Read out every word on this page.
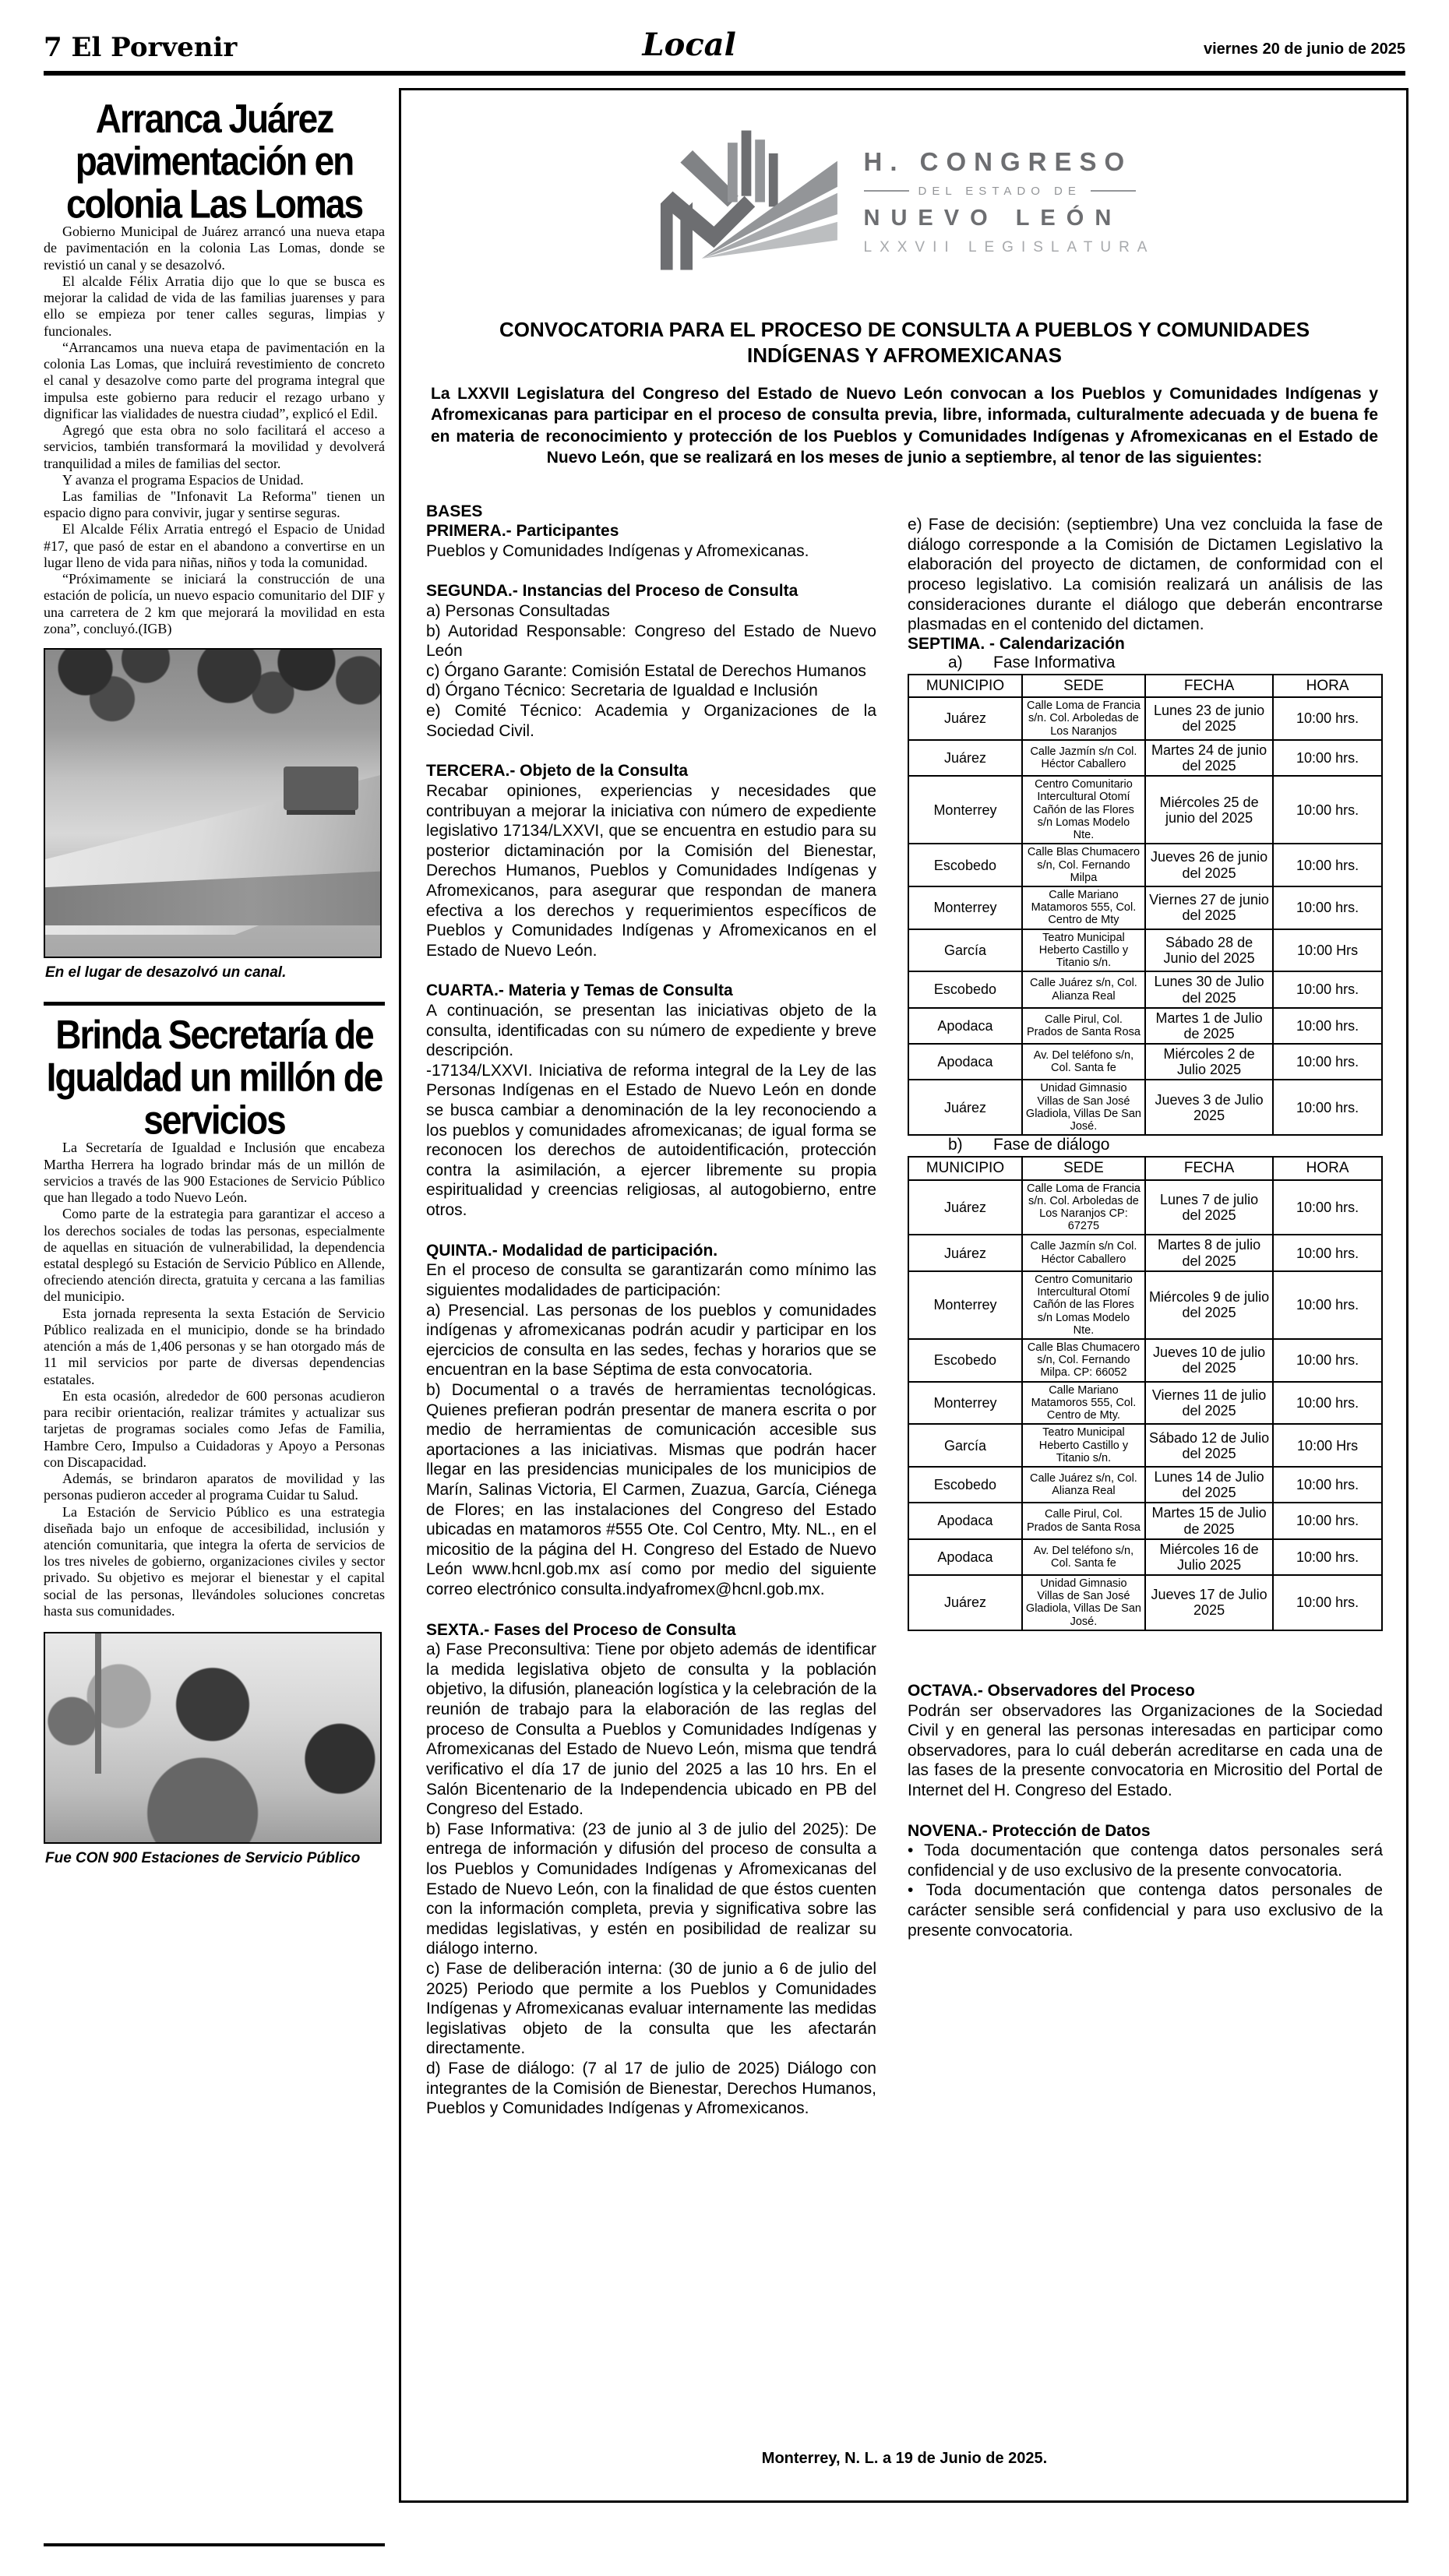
7 El Porvenir	Local	viernes 20 de junio de 2025
Arranca Juárez pavimentación en colonia Las Lomas

Gobierno Municipal de Juárez arrancó una nueva etapa de pavimentación en la colonia Las Lomas, donde se revistió un canal y se desazolvó.

El alcalde Félix Arratia dijo que lo que se busca es mejorar la calidad de vida de las familias juarenses y para ello se empieza por tener calles seguras, limpias y funcionales.

“Arrancamos una nueva etapa de pavimentación en la colonia Las Lomas, que incluirá revestimiento de concreto el canal y desazolve como parte del programa integral que impulsa este gobierno para reducir el rezago urbano y dignificar las vialidades de nuestra ciudad”, explicó el Edil.

Agregó que esta obra no solo facilitará el acceso a servicios, también transformará la movilidad y devolverá tranquilidad a miles de familias del sector.

Y avanza el programa Espacios de Unidad.

Las familias de "Infonavit La Reforma" tienen un espacio digno para convivir, jugar y sentirse seguras.

El Alcalde Félix Arratia entregó el Espacio de Unidad #17, que pasó de estar en el abandono a convertirse en un lugar lleno de vida para niñas, niños y toda la comunidad.

“Próximamente se iniciará la construcción de una estación de policía, un nuevo espacio comunitario del DIF y una carretera de 2 km que mejorará la movilidad en esta zona”, concluyó.(IGB)

En el lugar de desazolvó un canal.
Brinda Secretaría de Igualdad un millón de servicios

La Secretaría de Igualdad e Inclusión que encabeza Martha Herrera ha logrado brindar más de un millón de servicios a través de las 900 Estaciones de Servicio Público que han llegado a todo Nuevo León.

Como parte de la estrategia para garantizar el acceso a los derechos sociales de todas las personas, especialmente de aquellas en situación de vulnerabilidad, la dependencia estatal desplegó su Estación de Servicio Público en Allende, ofreciendo atención directa, gratuita y cercana a las familias del municipio.

Esta jornada representa la sexta Estación de Servicio Público realizada en el municipio, donde se ha brindado atención a más de 1,406 personas y se han otorgado más de 11 mil servicios por parte de diversas dependencias estatales.

En esta ocasión, alrededor de 600 personas acudieron para recibir orientación, realizar trámites y actualizar sus tarjetas de programas sociales como Jefas de Familia, Hambre Cero, Impulso a Cuidadoras y Apoyo a Personas con Discapacidad.

Además, se brindaron aparatos de movilidad y las personas pudieron acceder al programa Cuidar tu Salud.

La Estación de Servicio Público es una estrategia diseñada bajo un enfoque de accesibilidad, inclusión y atención comunitaria, que integra la oferta de servicios de los tres niveles de gobierno, organizaciones civiles y sector privado. Su objetivo es mejorar el bienestar y el capital social de las personas, llevándoles soluciones concretas hasta sus comunidades.

Fue CON 900 Estaciones de Servicio Público
H. CONGRESO
DEL ESTADO DE
NUEVO LEÓN
LXXVII LEGISLATURA
CONVOCATORIA PARA EL PROCESO DE CONSULTA A PUEBLOS Y COMUNIDADES INDÍGENAS Y AFROMEXICANAS

La LXXVII Legislatura del Congreso del Estado de Nuevo León convocan a los Pueblos y Comunidades Indígenas y Afromexicanas para participar en el proceso de consulta previa, libre, informada, culturalmente adecuada y de buena fe en materia de reconocimiento y protección de los Pueblos y Comunidades Indígenas y Afromexicanas en el Estado de Nuevo León, que se realizará en los meses de junio a septiembre, al tenor de las siguientes:

BASES

PRIMERA.- Participantes

Pueblos y Comunidades Indígenas y Afromexicanas.

SEGUNDA.- Instancias del Proceso de Consulta

a) Personas Consultadas

b) Autoridad Responsable: Congreso del Estado de Nuevo León

c) Órgano Garante: Comisión Estatal de Derechos Humanos

d) Órgano Técnico: Secretaria de Igualdad e Inclusión

e) Comité Técnico: Academia y Organizaciones de la Sociedad Civil.

TERCERA.- Objeto de la Consulta

Recabar opiniones, experiencias y necesidades que contribuyan a mejorar la iniciativa con número de expediente legislativo 17134/LXXVI, que se encuentra en estudio para su posterior dictaminación por la Comisión del Bienestar, Derechos Humanos, Pueblos y Comunidades Indígenas y Afromexicanos, para asegurar que respondan de manera efectiva a los derechos y requerimientos específicos de Pueblos y Comunidades Indígenas y Afromexicanos en el Estado de Nuevo León.

CUARTA.- Materia y Temas de Consulta

A continuación, se presentan las iniciativas objeto de la consulta, identificadas con su número de expediente y breve descripción.

-17134/LXXVI. Iniciativa de reforma integral de la Ley de las Personas Indígenas en el Estado de Nuevo León en donde se busca cambiar a denominación de la ley reconociendo a los pueblos y comunidades afromexicanas; de igual forma se reconocen los derechos de autoidentificación, protección contra la asimilación, a ejercer libremente su propia espiritualidad y creencias religiosas, al autogobierno, entre otros.

QUINTA.- Modalidad de participación.

En el proceso de consulta se garantizarán como mínimo las siguientes modalidades de participación:

a) Presencial. Las personas de los pueblos y comunidades indígenas y afromexicanas podrán acudir y participar en los ejercicios de consulta en las sedes, fechas y horarios que se encuentran en la base Séptima de esta convocatoria.

b) Documental o a través de herramientas tecnológicas. Quienes prefieran podrán presentar de manera escrita o por medio de herramientas de comunicación accesible sus aportaciones a las iniciativas. Mismas que podrán hacer llegar en las presidencias municipales de los municipios de Marín, Salinas Victoria, El Carmen, Zuazua, García, Ciénega de Flores; en las instalaciones del Congreso del Estado ubicadas en matamoros #555 Ote. Col Centro, Mty. NL., en el micositio de la página del H. Congreso del Estado de Nuevo León www.hcnl.gob.mx así como por medio del siguiente correo electrónico consulta.indyafromex@hcnl.gob.mx.

SEXTA.- Fases del Proceso de Consulta

a) Fase Preconsultiva: Tiene por objeto además de identificar la medida legislativa objeto de consulta y la población objetivo, la difusión, planeación logística y la celebración de la reunión de trabajo para la elaboración de las reglas del proceso de Consulta a Pueblos y Comunidades Indígenas y Afromexicanas del Estado de Nuevo León, misma que tendrá verificativo el día 17 de junio del 2025 a las 10 hrs. En el Salón Bicentenario de la Independencia ubicado en PB del Congreso del Estado.

b) Fase Informativa: (23 de junio al 3 de julio del 2025): De entrega de información y difusión del proceso de consulta a los Pueblos y Comunidades Indígenas y Afromexicanas del Estado de Nuevo León, con la finalidad de que éstos cuenten con la información completa, previa y significativa sobre las medidas legislativas, y estén en posibilidad de realizar su diálogo interno.

c) Fase de deliberación interna: (30 de junio a 6 de julio del 2025) Periodo que permite a los Pueblos y Comunidades Indígenas y Afromexicanas evaluar internamente las medidas legislativas objeto de la consulta que les afectarán directamente.

d) Fase de diálogo: (7 al 17 de julio de 2025) Diálogo con integrantes de la Comisión de Bienestar, Derechos Humanos, Pueblos y Comunidades Indígenas y Afromexicanos.

e) Fase de decisión: (septiembre) Una vez concluida la fase de diálogo corresponde a la Comisión de Dictamen Legislativo la elaboración del proyecto de dictamen, de conformidad con el proceso legislativo. La comisión realizará un análisis de las consideraciones durante el diálogo que deberán encontrarse plasmadas en el contenido del dictamen.

SEPTIMA. - Calendarización

a) Fase Informativa

MUNICIPIO	SEDE	FECHA	HORA
Juárez	Calle Loma de Francia s/n. Col. Arboledas de Los Naranjos	Lunes 23 de junio del 2025	10:00 hrs.
Juárez	Calle Jazmín s/n Col. Héctor Caballero	Martes 24 de junio del 2025	10:00 hrs.
Monterrey	Centro Comunitario Intercultural Otomí Cañón de las Flores s/n Lomas Modelo Nte.	Miércoles 25 de junio del 2025	10:00 hrs.
Escobedo	Calle Blas Chumacero s/n, Col. Fernando Milpa	Jueves 26 de junio del 2025	10:00 hrs.
Monterrey	Calle Mariano Matamoros 555, Col. Centro de Mty	Viernes 27 de junio del 2025	10:00 hrs.
García	Teatro Municipal Heberto Castillo y Titanio s/n.	Sábado 28 de Junio del 2025	10:00 Hrs
Escobedo	Calle Juárez s/n, Col. Alianza Real	Lunes 30 de Julio del 2025	10:00 hrs.
Apodaca	Calle Pirul, Col. Prados de Santa Rosa	Martes 1 de Julio de 2025	10:00 hrs.
Apodaca	Av. Del teléfono s/n, Col. Santa fe	Miércoles 2 de Julio 2025	10:00 hrs.
Juárez	Unidad Gimnasio Villas de San José Gladiola, Villas De San José.	Jueves 3 de Julio 2025	10:00 hrs.

b) Fase de diálogo

MUNICIPIO	SEDE	FECHA	HORA
Juárez	Calle Loma de Francia s/n. Col. Arboledas de Los Naranjos CP: 67275	Lunes 7 de julio del 2025	10:00 hrs.
Juárez	Calle Jazmín s/n Col. Héctor Caballero	Martes 8 de julio del 2025	10:00 hrs.
Monterrey	Centro Comunitario Intercultural Otomí Cañón de las Flores s/n Lomas Modelo Nte.	Miércoles 9 de julio del 2025	10:00 hrs.
Escobedo	Calle Blas Chumacero s/n, Col. Fernando Milpa. CP: 66052	Jueves 10 de julio del 2025	10:00 hrs.
Monterrey	Calle Mariano Matamoros 555, Col. Centro de Mty.	Viernes 11 de julio del 2025	10:00 hrs.
García	Teatro Municipal Heberto Castillo y Titanio s/n.	Sábado 12 de Julio del 2025	10:00 Hrs
Escobedo	Calle Juárez s/n, Col. Alianza Real	Lunes 14 de Julio del 2025	10:00 hrs.
Apodaca	Calle Pirul, Col. Prados de Santa Rosa	Martes 15 de Julio de 2025	10:00 hrs.
Apodaca	Av. Del teléfono s/n, Col. Santa fe	Miércoles 16 de Julio 2025	10:00 hrs.
Juárez	Unidad Gimnasio Villas de San José Gladiola, Villas De San José.	Jueves 17 de Julio 2025	10:00 hrs.

OCTAVA.- Observadores del Proceso

Podrán ser observadores las Organizaciones de la Sociedad Civil y en general las personas interesadas en participar como observadores, para lo cuál deberán acreditarse en cada una de las fases de la presente convocatoria en Micrositio del Portal de Internet del H. Congreso del Estado.

NOVENA.- Protección de Datos

• Toda documentación que contenga datos personales será confidencial y de uso exclusivo de la presente convocatoria.

• Toda documentación que contenga datos personales de carácter sensible será confidencial y para uso exclusivo de la presente convocatoria.

Monterrey, N. L. a 19 de Junio de 2025.
